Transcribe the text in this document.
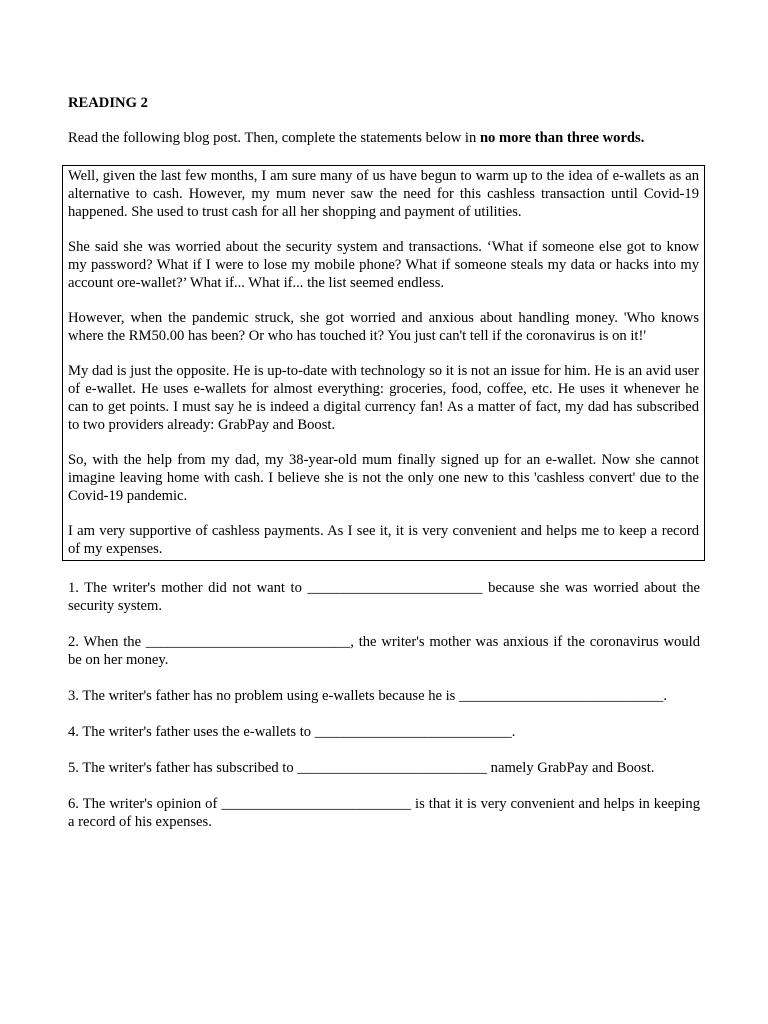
READING 2

Read the following blog post. Then, complete the statements below in no more than three words.

Well, given the last few months, I am sure many of us have begun to warm up to the idea of e-wallets as an alternative to cash. However, my mum never saw the need for this cashless transaction until Covid-19 happened. She used to trust cash for all her shopping and payment of utilities.

She said she was worried about the security system and transactions. ‘What if someone else got to know my password? What if I were to lose my mobile phone? What if someone steals my data or hacks into my account ore-wallet?’ What if... What if... the list seemed endless.

However, when the pandemic struck, she got worried and anxious about handling money. 'Who knows where the RM50.00 has been? Or who has touched it? You just can't tell if the coronavirus is on it!'

My dad is just the opposite. He is up-to-date with technology so it is not an issue for him. He is an avid user of e-wallet. He uses e-wallets for almost everything: groceries, food, coffee, etc. He uses it whenever he can to get points. I must say he is indeed a digital currency fan! As a matter of fact, my dad has subscribed to two providers already: GrabPay and Boost.

So, with the help from my dad, my 38-year-old mum finally signed up for an e-wallet. Now she cannot imagine leaving home with cash. I believe she is not the only one new to this 'cashless convert' due to the Covid-19 pandemic.

I am very supportive of cashless payments. As I see it, it is very convenient and helps me to keep a record of my expenses.

1. The writer's mother did not want to ________________________ because she was worried about the security system.

2. When the ____________________________, the writer's mother was anxious if the coronavirus would be on her money.

3. The writer's father has no problem using e-wallets because he is ____________________________.

4. The writer's father uses the e-wallets to ___________________________.

5. The writer's father has subscribed to __________________________ namely GrabPay and Boost.

6. The writer's opinion of __________________________ is that it is very convenient and helps in keeping a record of his expenses.
